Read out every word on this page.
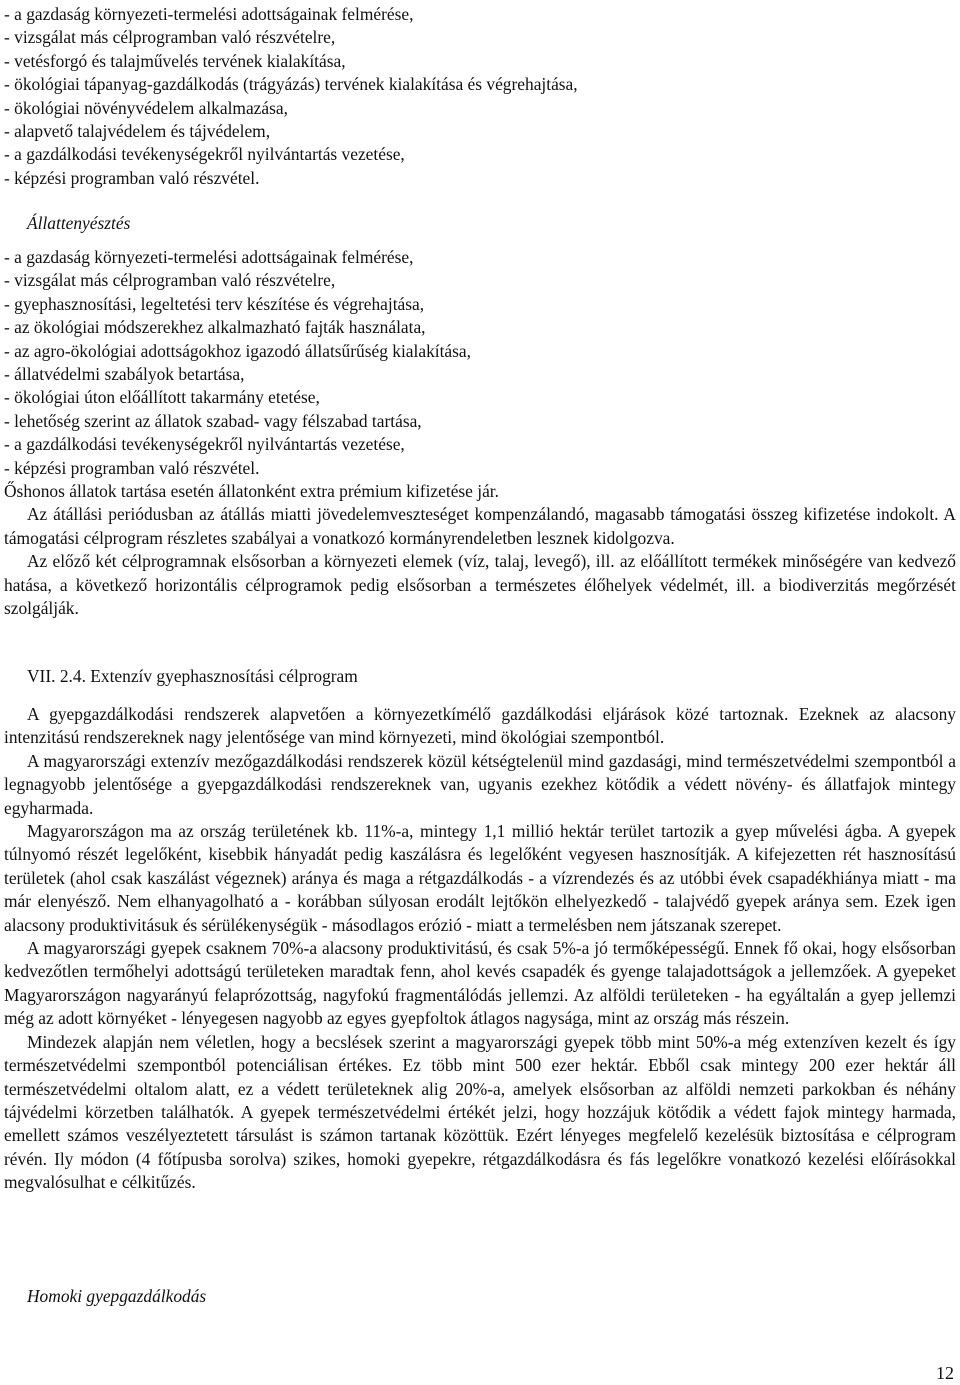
- a gazdaság környezeti-termelési adottságainak felmérése,
- vizsgálat más célprogramban való részvételre,
- vetésforgó és talajművelés tervének kialakítása,
- ökológiai tápanyag-gazdálkodás (trágyázás) tervének kialakítása és végrehajtása,
- ökológiai növényvédelem alkalmazása,
- alapvető talajvédelem és tájvédelem,
- a gazdálkodási tevékenységekről nyilvántartás vezetése,
- képzési programban való részvétel.
Állattenyésztés
- a gazdaság környezeti-termelési adottságainak felmérése,
- vizsgálat más célprogramban való részvételre,
- gyephasznosítási, legeltetési terv készítése és végrehajtása,
- az ökológiai módszerekhez alkalmazható fajták használata,
- az agro-ökológiai adottságokhoz igazodó állatsűrűség kialakítása,
- állatvédelmi szabályok betartása,
- ökológiai úton előállított takarmány etetése,
- lehetőség szerint az állatok szabad- vagy félszabad tartása,
- a gazdálkodási tevékenységekről nyilvántartás vezetése,
- képzési programban való részvétel.
Őshonos állatok tartása esetén állatonként extra prémium kifizetése jár.
Az átállási periódusban az átállás miatti jövedelemveszteséget kompenzálandó, magasabb támogatási összeg kifizetése indokolt. A támogatási célprogram részletes szabályai a vonatkozó kormányrendeletben lesznek kidolgozva.
Az előző két célprogramnak elsősorban a környezeti elemek (víz, talaj, levegő), ill. az előállított termékek minőségére van kedvező hatása, a következő horizontális célprogramok pedig elsősorban a természetes élőhelyek védelmét, ill. a biodiverzitás megőrzését szolgálják.
VII. 2.4. Extenzív gyephasznosítási célprogram
A gyepgazdálkodási rendszerek alapvetően a környezetkímélő gazdálkodási eljárások közé tartoznak. Ezeknek az alacsony intenzitású rendszereknek nagy jelentősége van mind környezeti, mind ökológiai szempontból.
A magyarországi extenzív mezőgazdálkodási rendszerek közül kétségtelenül mind gazdasági, mind természetvédelmi szempontból a legnagyobb jelentősége a gyepgazdálkodási rendszereknek van, ugyanis ezekhez kötődik a védett növény- és állatfajok mintegy egyharmada.
Magyarországon ma az ország területének kb. 11%-a, mintegy 1,1 millió hektár terület tartozik a gyep művelési ágba. A gyepek túlnyomó részét legelőként, kisebbik hányadát pedig kaszálásra és legelőként vegyesen hasznosítják. A kifejezetten rét hasznosítású területek (ahol csak kaszálást végeznek) aránya és maga a rétgazdálkodás - a vízrendezés és az utóbbi évek csapadékhiánya miatt - ma már elenyésző. Nem elhanyagolható a - korábban súlyosan erodált lejtőkön elhelyezkedő - talajvédő gyepek aránya sem. Ezek igen alacsony produktivitásuk és sérülékenységük - másodlagos erózió - miatt a termelésben nem játszanak szerepet.
A magyarországi gyepek csaknem 70%-a alacsony produktivitású, és csak 5%-a jó termőképességű. Ennek fő okai, hogy elsősorban kedvezőtlen termőhelyi adottságú területeken maradtak fenn, ahol kevés csapadék és gyenge talajadottságok a jellemzőek. A gyepeket Magyarországon nagyarányú felaprózottság, nagyfokú fragmentálódás jellemzi. Az alföldi területeken - ha egyáltalán a gyep jellemzi még az adott környéket - lényegesen nagyobb az egyes gyepfoltok átlagos nagysága, mint az ország más részein.
Mindezek alapján nem véletlen, hogy a becslések szerint a magyarországi gyepek több mint 50%-a még extenzíven kezelt és így természetvédelmi szempontból potenciálisan értékes. Ez több mint 500 ezer hektár. Ebből csak mintegy 200 ezer hektár áll természetvédelmi oltalom alatt, ez a védett területeknek alig 20%-a, amelyek elsősorban az alföldi nemzeti parkokban és néhány tájvédelmi körzetben találhatók. A gyepek természetvédelmi értékét jelzi, hogy hozzájuk kötődik a védett fajok mintegy harmada, emellett számos veszélyeztetett társulást is számon tartanak közöttük. Ezért lényeges megfelelő kezelésük biztosítása e célprogram révén. Ily módon (4 főtípusba sorolva) szikes, homoki gyepekre, rétgazdálkodásra és fás legelőkre vonatkozó kezelési előírásokkal megvalósulhat e célkitűzés.
Homoki gyepgazdálkodás
12
